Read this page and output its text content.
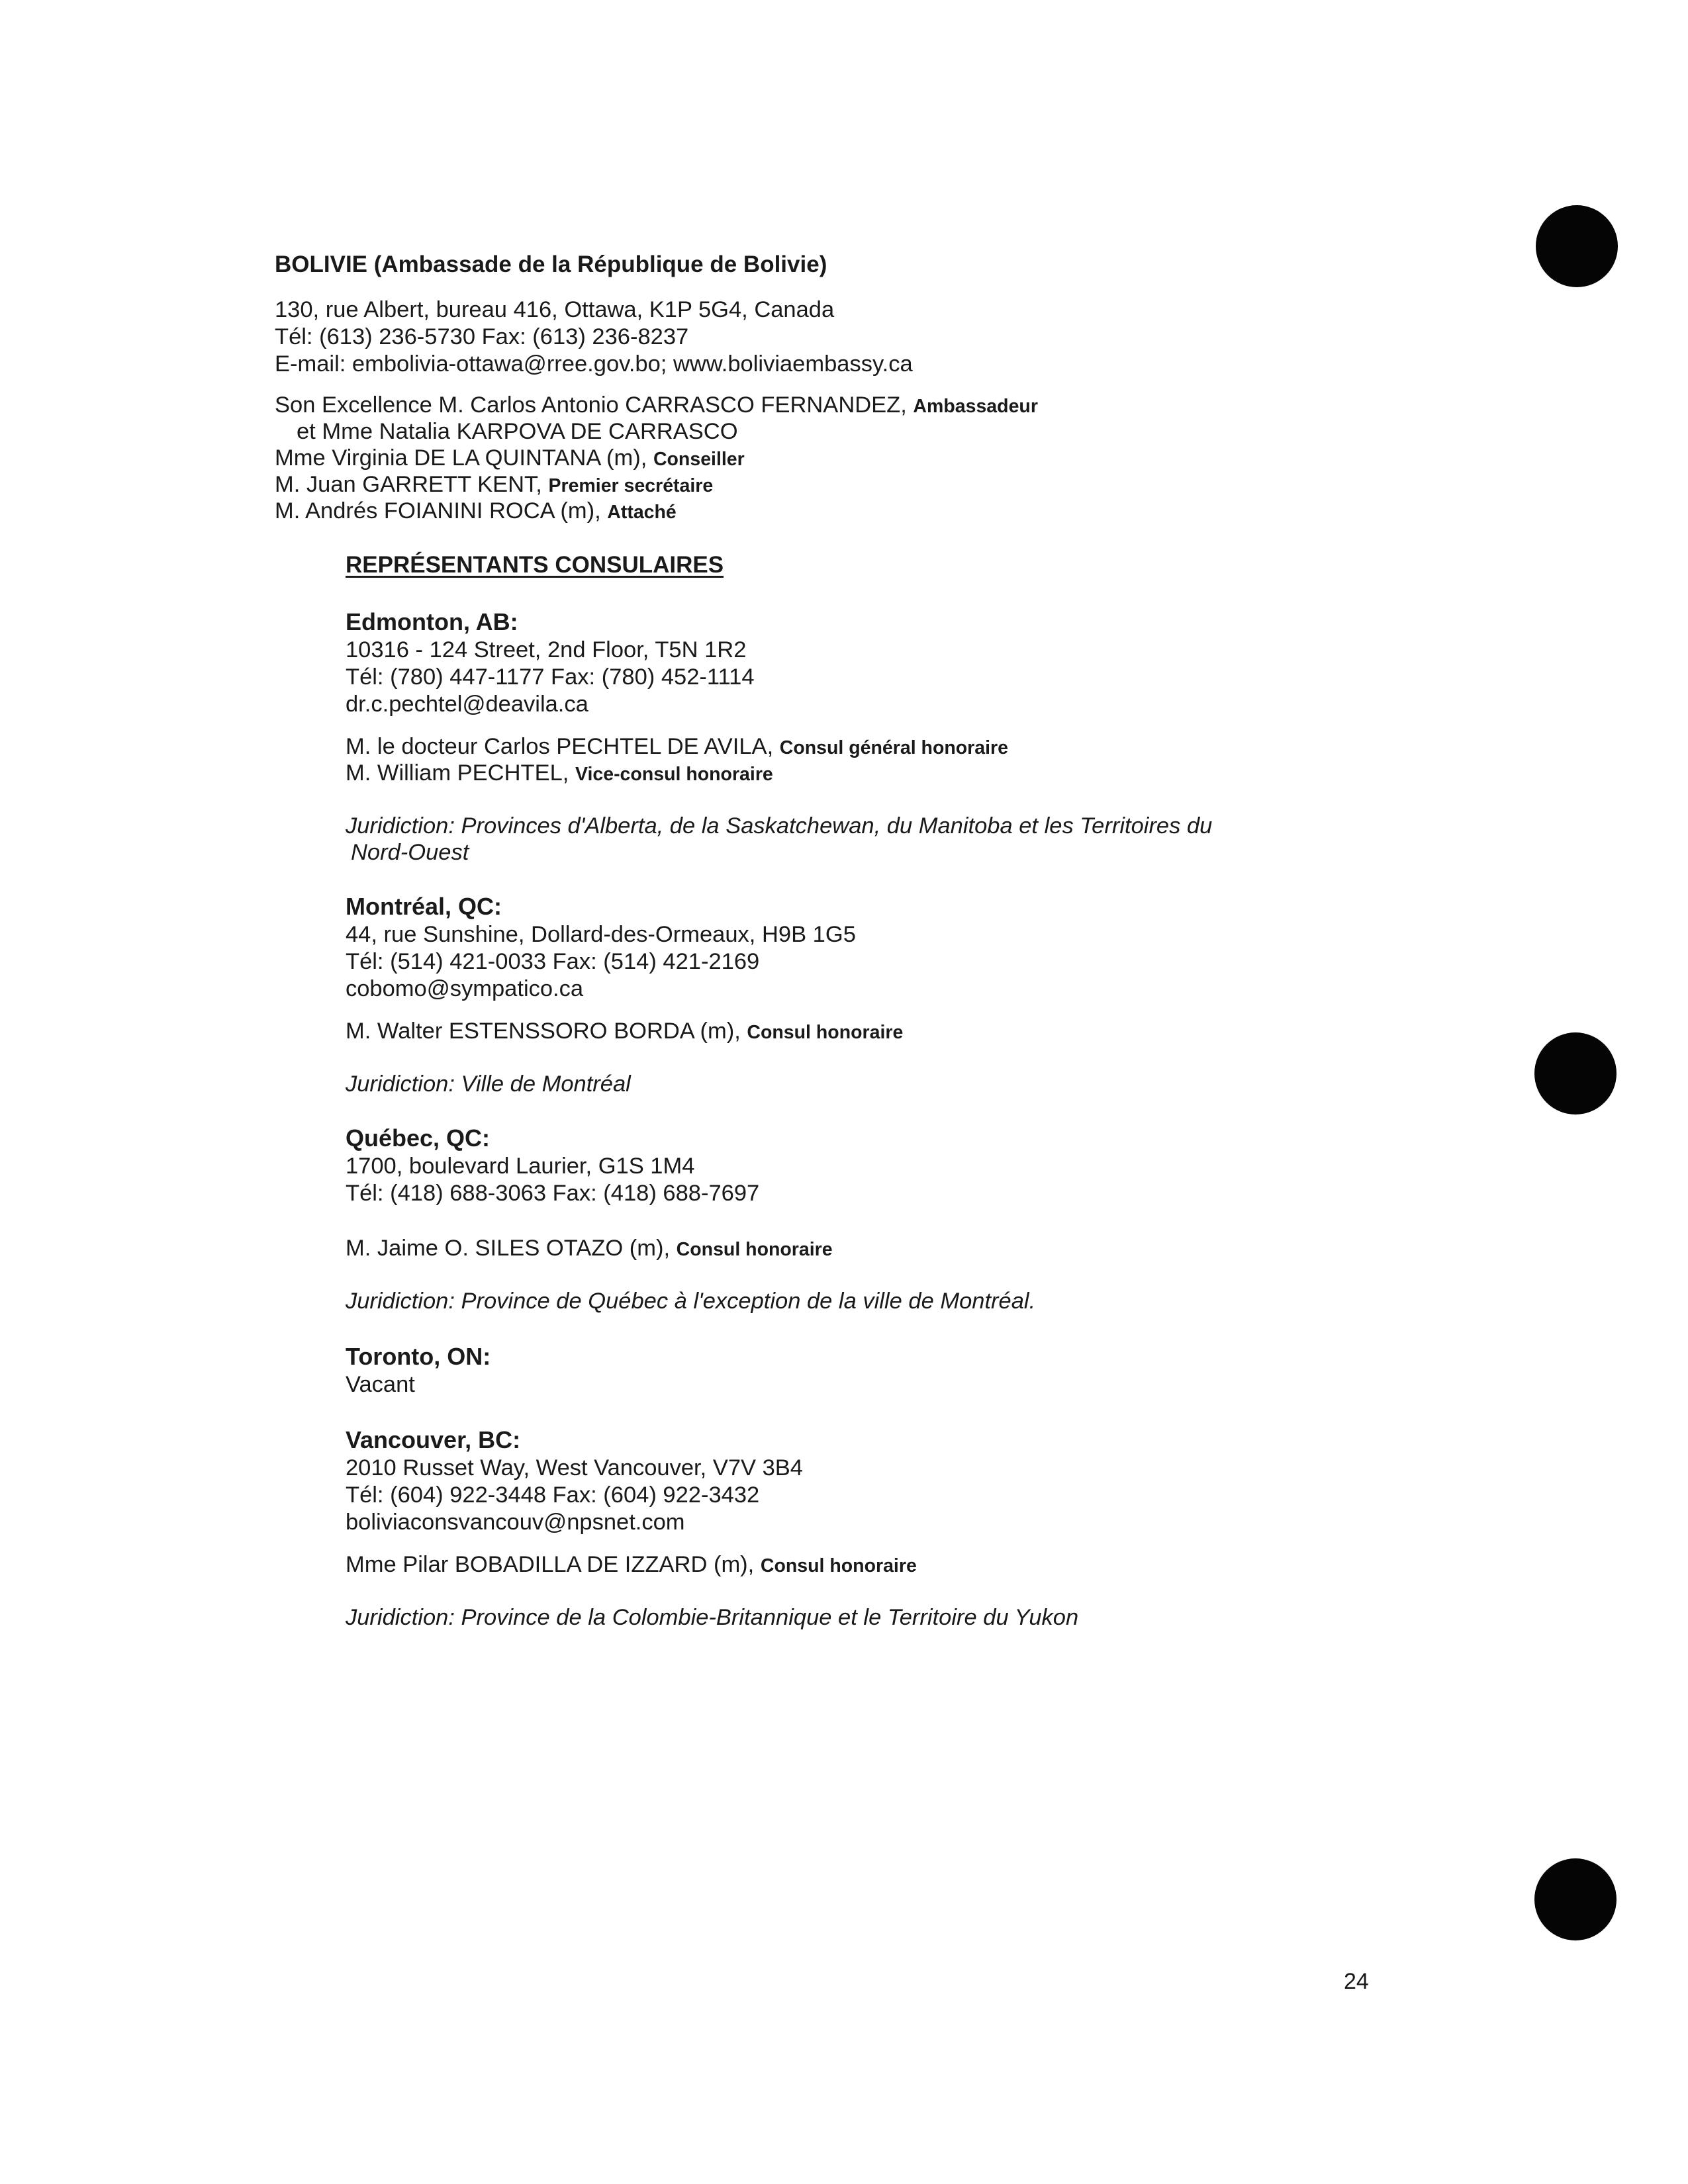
BOLIVIE (Ambassade de la République de Bolivie)
130, rue Albert, bureau 416, Ottawa, K1P 5G4, Canada
Tél: (613) 236-5730 Fax: (613) 236-8237
E-mail: embolivia-ottawa@rree.gov.bo; www.boliviaembassy.ca
Son Excellence M. Carlos Antonio CARRASCO FERNANDEZ, Ambassadeur
et Mme Natalia KARPOVA DE CARRASCO
Mme Virginia DE LA QUINTANA (m), Conseiller
M. Juan GARRETT KENT, Premier secrétaire
M. Andrés FOIANINI ROCA (m), Attaché
REPRÉSENTANTS CONSULAIRES
Edmonton, AB:
10316 - 124 Street, 2nd Floor, T5N 1R2
Tél: (780) 447-1177 Fax: (780) 452-1114
dr.c.pechtel@deavila.ca
M. le docteur Carlos PECHTEL DE AVILA, Consul général honoraire
M. William PECHTEL, Vice-consul honoraire
Juridiction: Provinces d'Alberta, de la Saskatchewan, du Manitoba et les Territoires du
Nord-Ouest
Montréal, QC:
44, rue Sunshine, Dollard-des-Ormeaux, H9B 1G5
Tél: (514) 421-0033 Fax: (514) 421-2169
cobomo@sympatico.ca
M. Walter ESTENSSORO BORDA (m), Consul honoraire
Juridiction: Ville de Montréal
Québec, QC:
1700, boulevard Laurier, G1S 1M4
Tél: (418) 688-3063 Fax: (418) 688-7697
M. Jaime O. SILES OTAZO (m), Consul honoraire
Juridiction: Province de Québec à l'exception de la ville de Montréal.
Toronto, ON:
Vacant
Vancouver, BC:
2010 Russet Way, West Vancouver, V7V 3B4
Tél: (604) 922-3448 Fax: (604) 922-3432
boliviaconsvancouv@npsnet.com
Mme Pilar BOBADILLA DE IZZARD (m), Consul honoraire
Juridiction: Province de la Colombie-Britannique et le Territoire du Yukon
24
